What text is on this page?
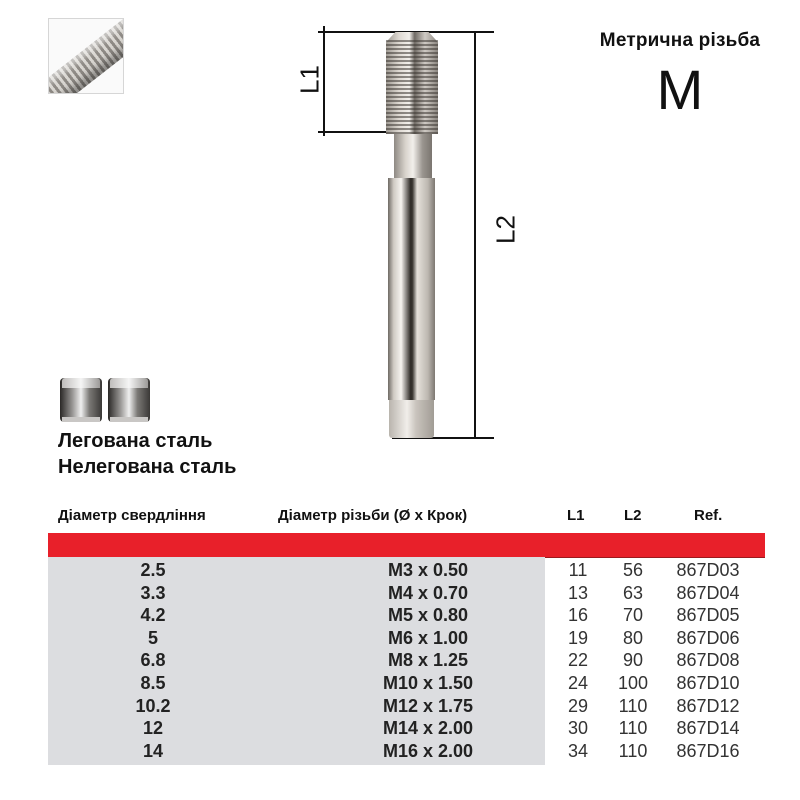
Метрична різьба
M
L1
L2
Легована сталь
Нелегована сталь
Діаметр свердління	Діаметр різьби (Ø x Крок)	L1	L2	Ref.
2.5	M3 x 0.50	11	56	867D03
3.3	M4 x 0.70	13	63	867D04
4.2	M5 x 0.80	16	70	867D05
5	M6 x 1.00	19	80	867D06
6.8	M8 x 1.25	22	90	867D08
8.5	M10 x 1.50	24	100	867D10
10.2	M12 x 1.75	29	110	867D12
12	M14 x 2.00	30	110	867D14
14	M16 x 2.00	34	110	867D16
